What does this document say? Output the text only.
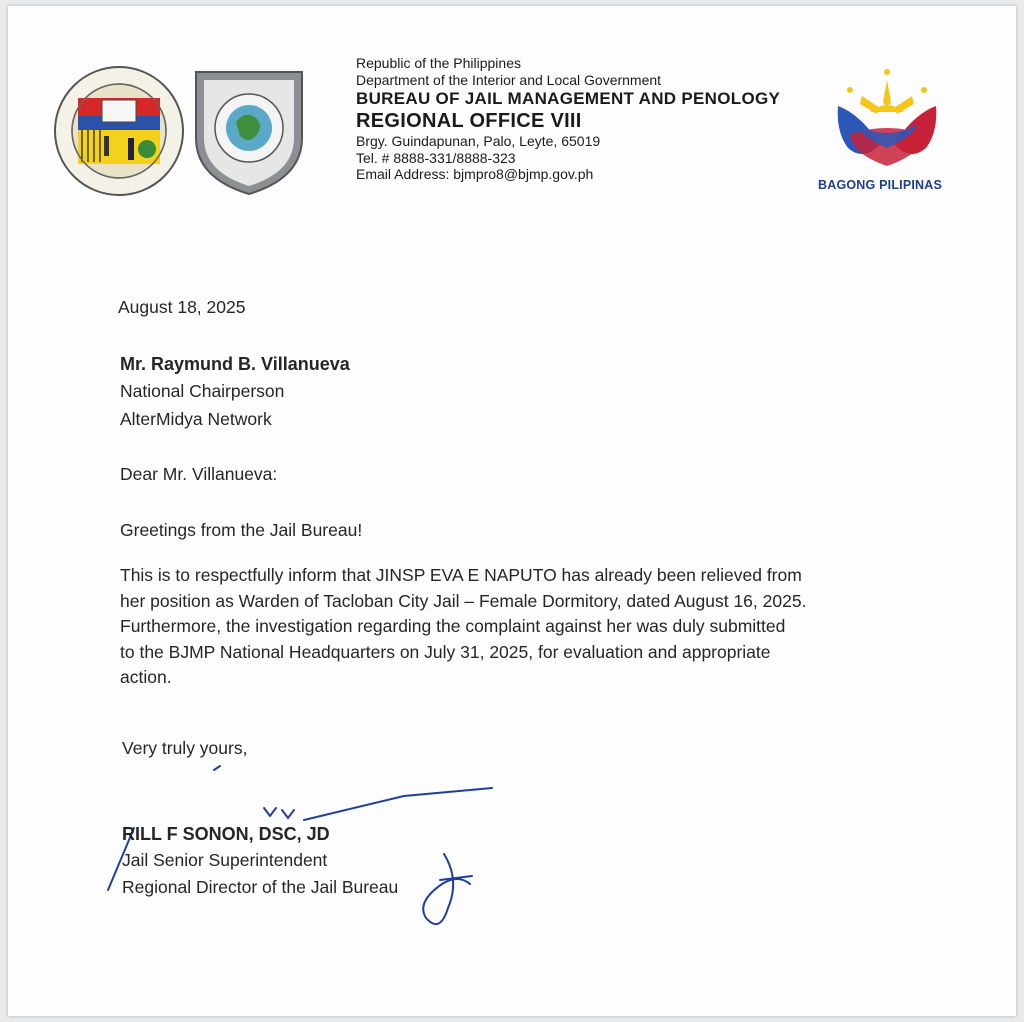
Republic of the Philippines
Department of the Interior and Local Government
BUREAU OF JAIL MANAGEMENT AND PENOLOGY
REGIONAL OFFICE VIII
Brgy. Guindapunan, Palo, Leyte, 65019
Tel. # 8888-331/8888-323
Email Address: bjmpro8@bjmp.gov.ph
BAGONG PILIPINAS
August 18, 2025
Mr. Raymund B. Villanueva
National Chairperson
AlterMidya Network
Dear Mr. Villanueva:
Greetings from the Jail Bureau!
This is to respectfully inform that JINSP EVA E NAPUTO has already been relieved from
her position as Warden of Tacloban City Jail – Female Dormitory, dated August 16, 2025.
Furthermore, the investigation regarding the complaint against her was duly submitted
to the BJMP National Headquarters on July 31, 2025, for evaluation and appropriate
action.
Very truly yours,
RILL F SONON, DSC, JD
Jail Senior Superintendent
Regional Director of the Jail Bureau
